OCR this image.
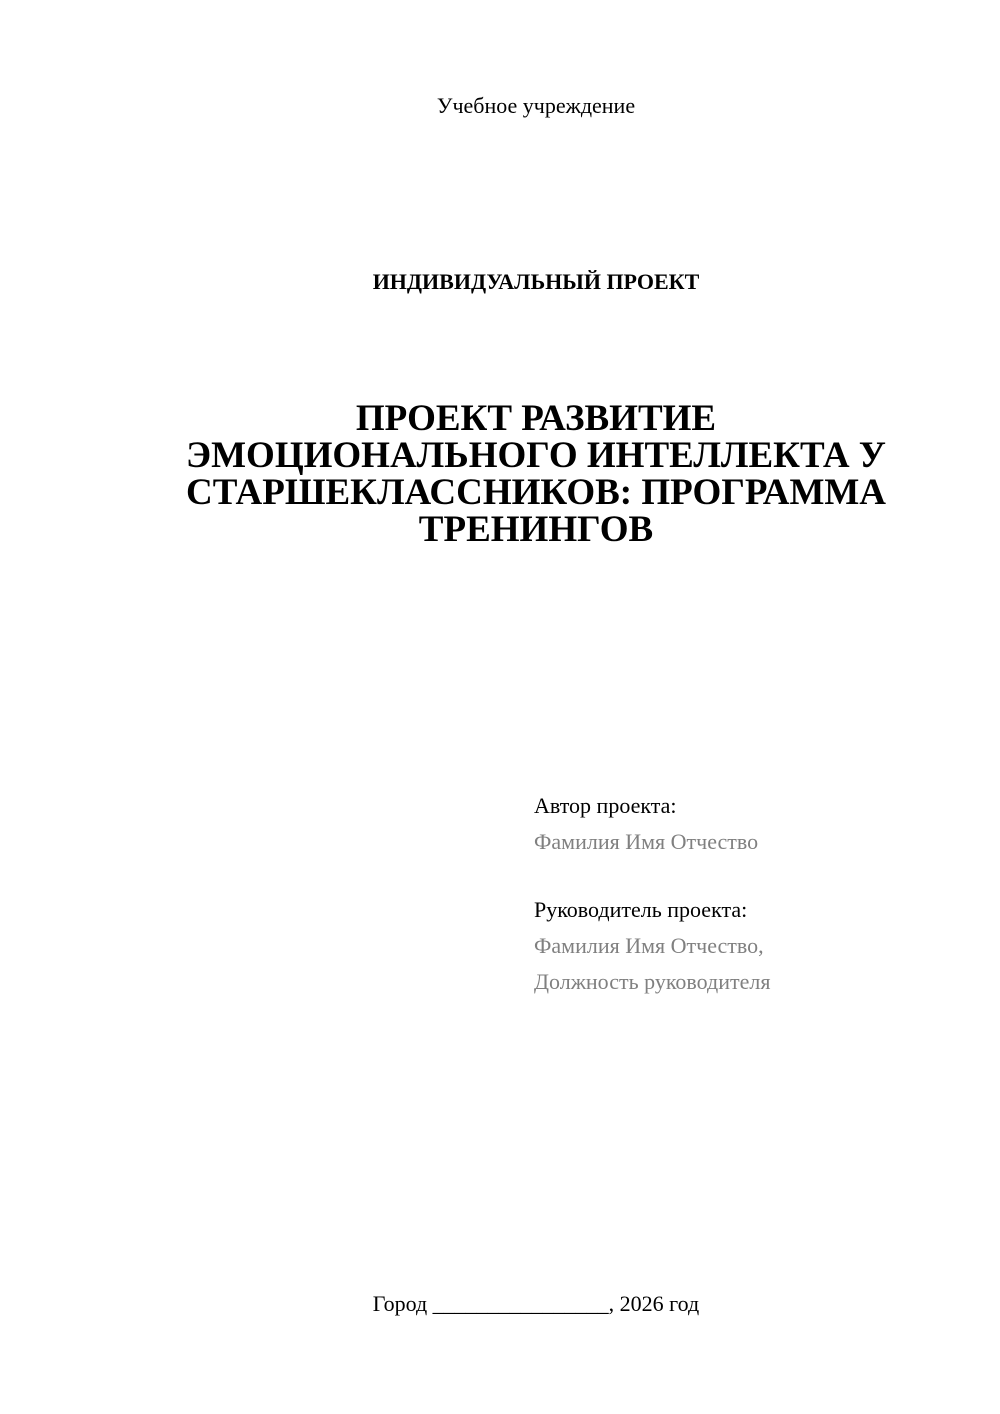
Учебное учреждение
ИНДИВИДУАЛЬНЫЙ ПРОЕКТ
ПРОЕКТ РАЗВИТИЕ
ЭМОЦИОНАЛЬНОГО ИНТЕЛЛЕКТА У
СТАРШЕКЛАССНИКОВ: ПРОГРАММА
ТРЕНИНГОВ
Автор проекта:
Фамилия Имя Отчество
Руководитель проекта:
Фамилия Имя Отчество,
Должность руководителя
Город ________________, 2026 год
